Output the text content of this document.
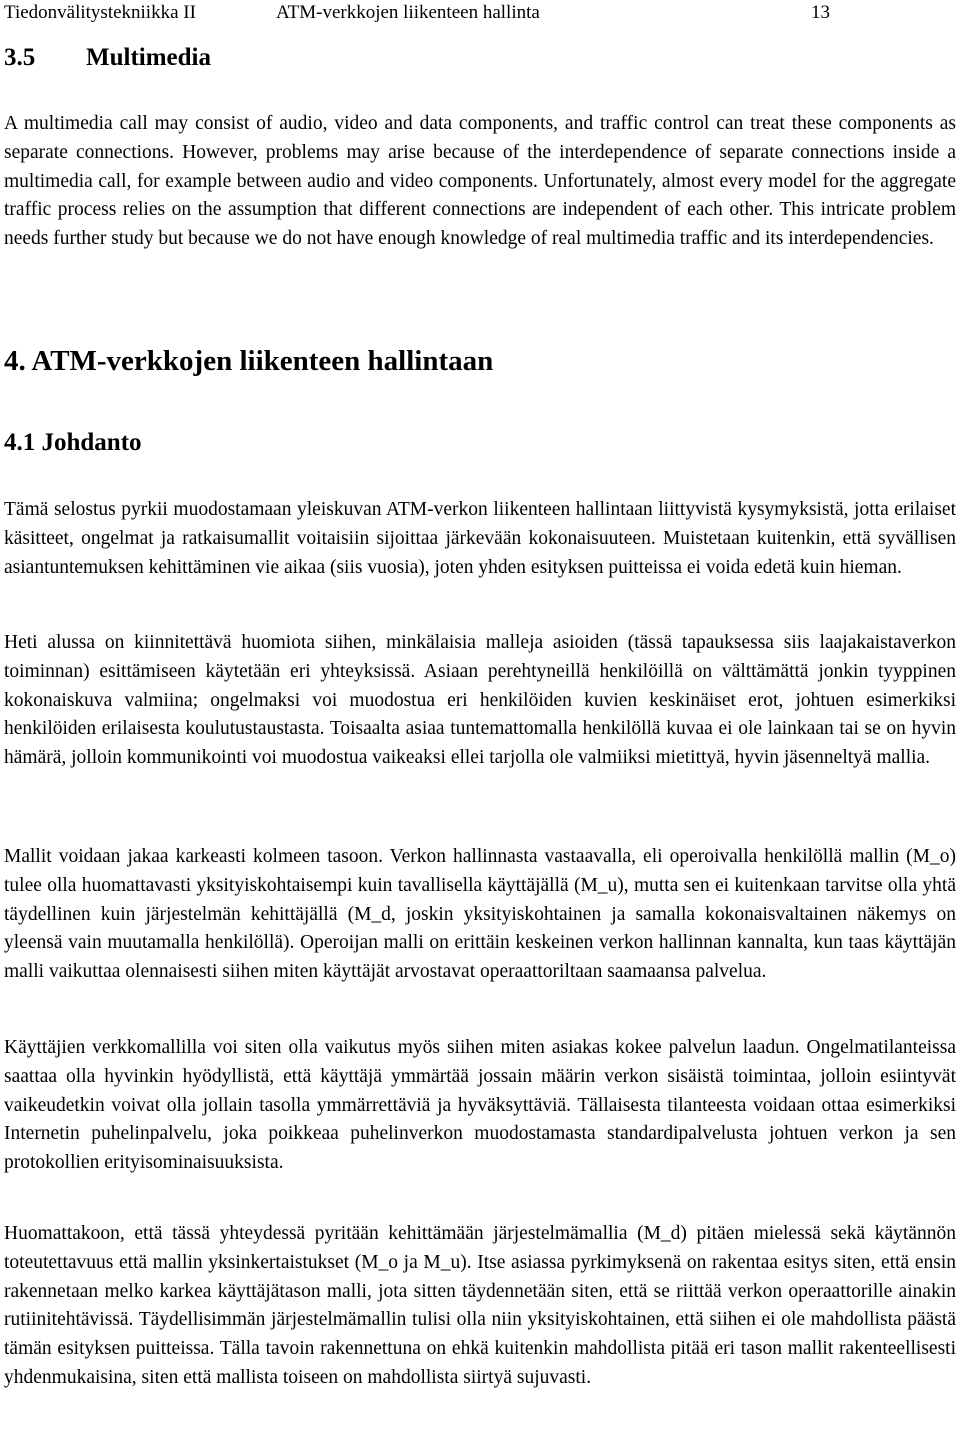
Tiedonvälitystekniikka II	ATM-verkkojen liikenteen hallinta	13
3.5 Multimedia

A multimedia call may consist of audio, video and data components, and traffic control can treat these components as separate connections. However, problems may arise because of the interdependence of separate connections inside a multimedia call, for example between audio and video components. Unfortunately, almost every model for the aggregate traffic process relies on the assumption that different connections are independent of each other. This intricate problem needs further study but because we do not have enough knowledge of real multimedia traffic and its interdependencies.

4. ATM-verkkojen liikenteen hallintaan
4.1 Johdanto

Tämä selostus pyrkii muodostamaan yleiskuvan ATM-verkon liikenteen hallintaan liittyvistä kysymyksistä, jotta erilaiset käsitteet, ongelmat ja ratkaisumallit voitaisiin sijoittaa järkevään kokonaisuuteen. Muistetaan kuitenkin, että syvällisen asiantuntemuksen kehittäminen vie aikaa (siis vuosia), joten yhden esityksen puitteissa ei voida edetä kuin hieman.

Heti alussa on kiinnitettävä huomiota siihen, minkälaisia malleja asioiden (tässä tapauksessa siis laajakaistaverkon toiminnan) esittämiseen käytetään eri yhteyksissä. Asiaan perehtyneillä henkilöillä on välttämättä jonkin tyyppinen kokonaiskuva valmiina; ongelmaksi voi muodostua eri henkilöiden kuvien keskinäiset erot, johtuen esimerkiksi henkilöiden erilaisesta koulutustaustasta. Toisaalta asiaa tuntemattomalla henkilöllä kuvaa ei ole lainkaan tai se on hyvin hämärä, jolloin kommunikointi voi muodostua vaikeaksi ellei tarjolla ole valmiiksi mietittyä, hyvin jäsenneltyä mallia.

Mallit voidaan jakaa karkeasti kolmeen tasoon. Verkon hallinnasta vastaavalla, eli operoivalla henkilöllä mallin (M_o) tulee olla huomattavasti yksityiskohtaisempi kuin tavallisella käyttäjällä (M_u), mutta sen ei kuitenkaan tarvitse olla yhtä täydellinen kuin järjestelmän kehittäjällä (M_d, joskin yksityiskohtainen ja samalla kokonaisvaltainen näkemys on yleensä vain muutamalla henkilöllä). Operoijan malli on erittäin keskeinen verkon hallinnan kannalta, kun taas käyttäjän malli vaikuttaa olennaisesti siihen miten käyttäjät arvostavat operaattoriltaan saamaansa palvelua.

Käyttäjien verkkomallilla voi siten olla vaikutus myös siihen miten asiakas kokee palvelun laadun. Ongelmatilanteissa saattaa olla hyvinkin hyödyllistä, että käyttäjä ymmärtää jossain määrin verkon sisäistä toimintaa, jolloin esiintyvät vaikeudetkin voivat olla jollain tasolla ymmärrettäviä ja hyväksyttäviä. Tällaisesta tilanteesta voidaan ottaa esimerkiksi Internetin puhelinpalvelu, joka poikkeaa puhelinverkon muodostamasta standardipalvelusta johtuen verkon ja sen protokollien erityisominaisuuksista.

Huomattakoon, että tässä yhteydessä pyritään kehittämään järjestelmämallia (M_d) pitäen mielessä sekä käytännön toteutettavuus että mallin yksinkertaistukset (M_o ja M_u). Itse asiassa pyrkimyksenä on rakentaa esitys siten, että ensin rakennetaan melko karkea käyttäjätason malli, jota sitten täydennetään siten, että se riittää verkon operaattorille ainakin rutiinitehtävissä. Täydellisimmän järjestelmämallin tulisi olla niin yksityiskohtainen, että siihen ei ole mahdollista päästä tämän esityksen puitteissa. Tälla tavoin rakennettuna on ehkä kuitenkin mahdollista pitää eri tason mallit rakenteellisesti yhdenmukaisina, siten että mallista toiseen on mahdollista siirtyä sujuvasti.
